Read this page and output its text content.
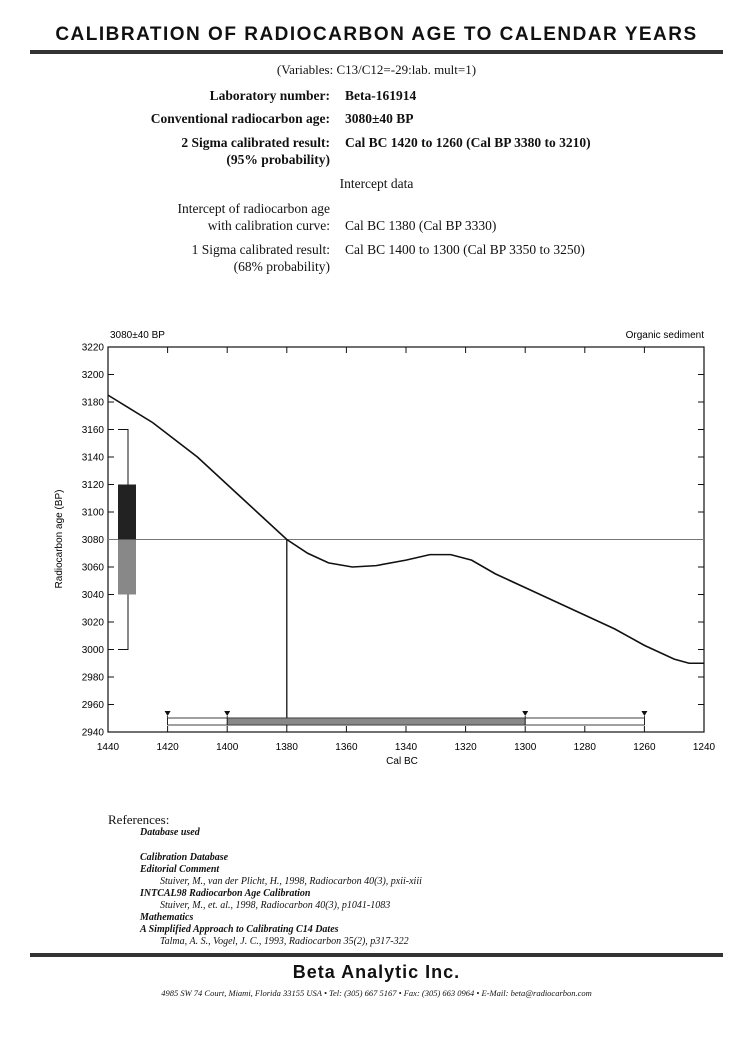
CALIBRATION OF RADIOCARBON AGE TO CALENDAR YEARS
(Variables: C13/C12=-29:lab. mult=1)
Laboratory number: Beta-161914
Conventional radiocarbon age: 3080±40 BP
2 Sigma calibrated result:
(95% probability)
Cal BC 1420 to 1260 (Cal BP 3380 to 3210)
Intercept data
Intercept of radiocarbon age
with calibration curve: Cal BC 1380 (Cal BP 3330)
1 Sigma calibrated result:
(68% probability)
Cal BC 1400 to 1300 (Cal BP 3350 to 3250)
1440	1420	1400	1380	1360	1340	1320	1300	1280	1260	1240
2940
2960
2980
3000
3020
3040
3060
3080
3100
3120
3140
3160
3180
3200
3220
3080±40 BP	Organic sediment
Cal BC
Radiocarbon age (BP)
References:
Database used
Calibration Database
Editorial Comment
Stuiver, M., van der Plicht, H., 1998, Radiocarbon 40(3), pxii-xiii
INTCAL98 Radiocarbon Age Calibration
Stuiver, M., et. al., 1998, Radiocarbon 40(3), p1041-1083
Mathematics
A Simplified Approach to Calibrating C14 Dates
Talma, A. S., Vogel, J. C., 1993, Radiocarbon 35(2), p317-322
Beta Analytic Inc.
4985 SW 74 Court, Miami, Florida 33155 USA • Tel: (305) 667 5167 • Fax: (305) 663 0964 • E-Mail: beta@radiocarbon.com
